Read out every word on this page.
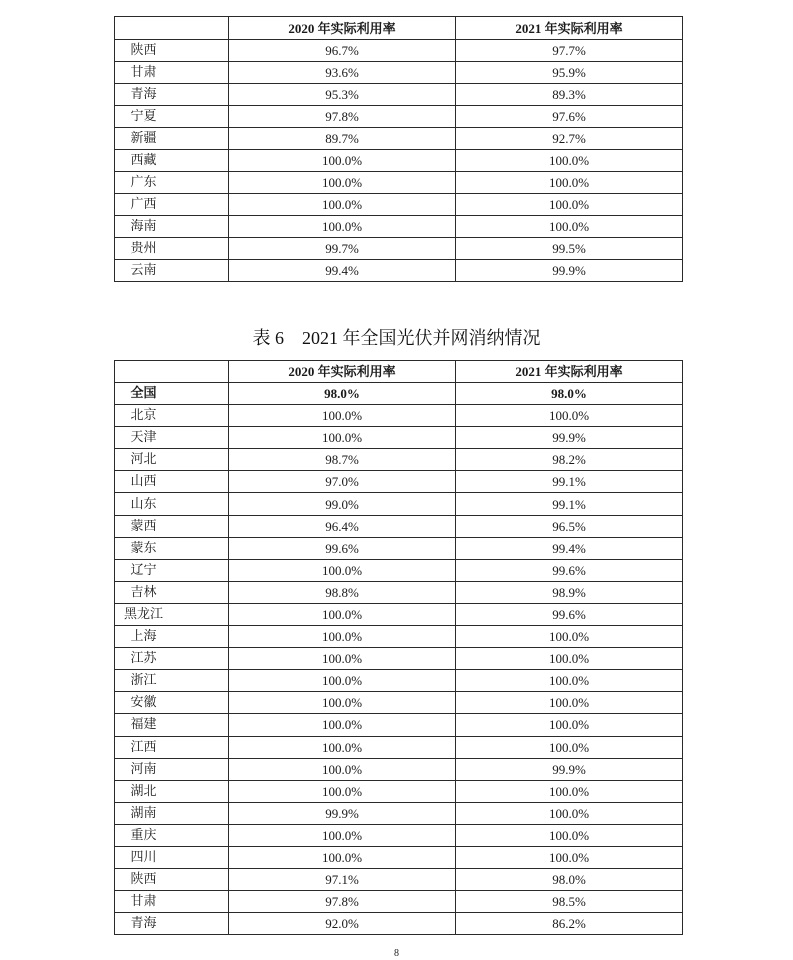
	2020 年实际利用率	2021 年实际利用率
陕西	96.7%	97.7%
甘肃	93.6%	95.9%
青海	95.3%	89.3%
宁夏	97.8%	97.6%
新疆	89.7%	92.7%
西藏	100.0%	100.0%
广东	100.0%	100.0%
广西	100.0%	100.0%
海南	100.0%	100.0%
贵州	99.7%	99.5%
云南	99.4%	99.9%
表 6　2021 年全国光伏并网消纳情况
	2020 年实际利用率	2021 年实际利用率
全国	98.0%	98.0%
北京	100.0%	100.0%
天津	100.0%	99.9%
河北	98.7%	98.2%
山西	97.0%	99.1%
山东	99.0%	99.1%
蒙西	96.4%	96.5%
蒙东	99.6%	99.4%
辽宁	100.0%	99.6%
吉林	98.8%	98.9%
黑龙江	100.0%	99.6%
上海	100.0%	100.0%
江苏	100.0%	100.0%
浙江	100.0%	100.0%
安徽	100.0%	100.0%
福建	100.0%	100.0%
江西	100.0%	100.0%
河南	100.0%	99.9%
湖北	100.0%	100.0%
湖南	99.9%	100.0%
重庆	100.0%	100.0%
四川	100.0%	100.0%
陕西	97.1%	98.0%
甘肃	97.8%	98.5%
青海	92.0%	86.2%
8
